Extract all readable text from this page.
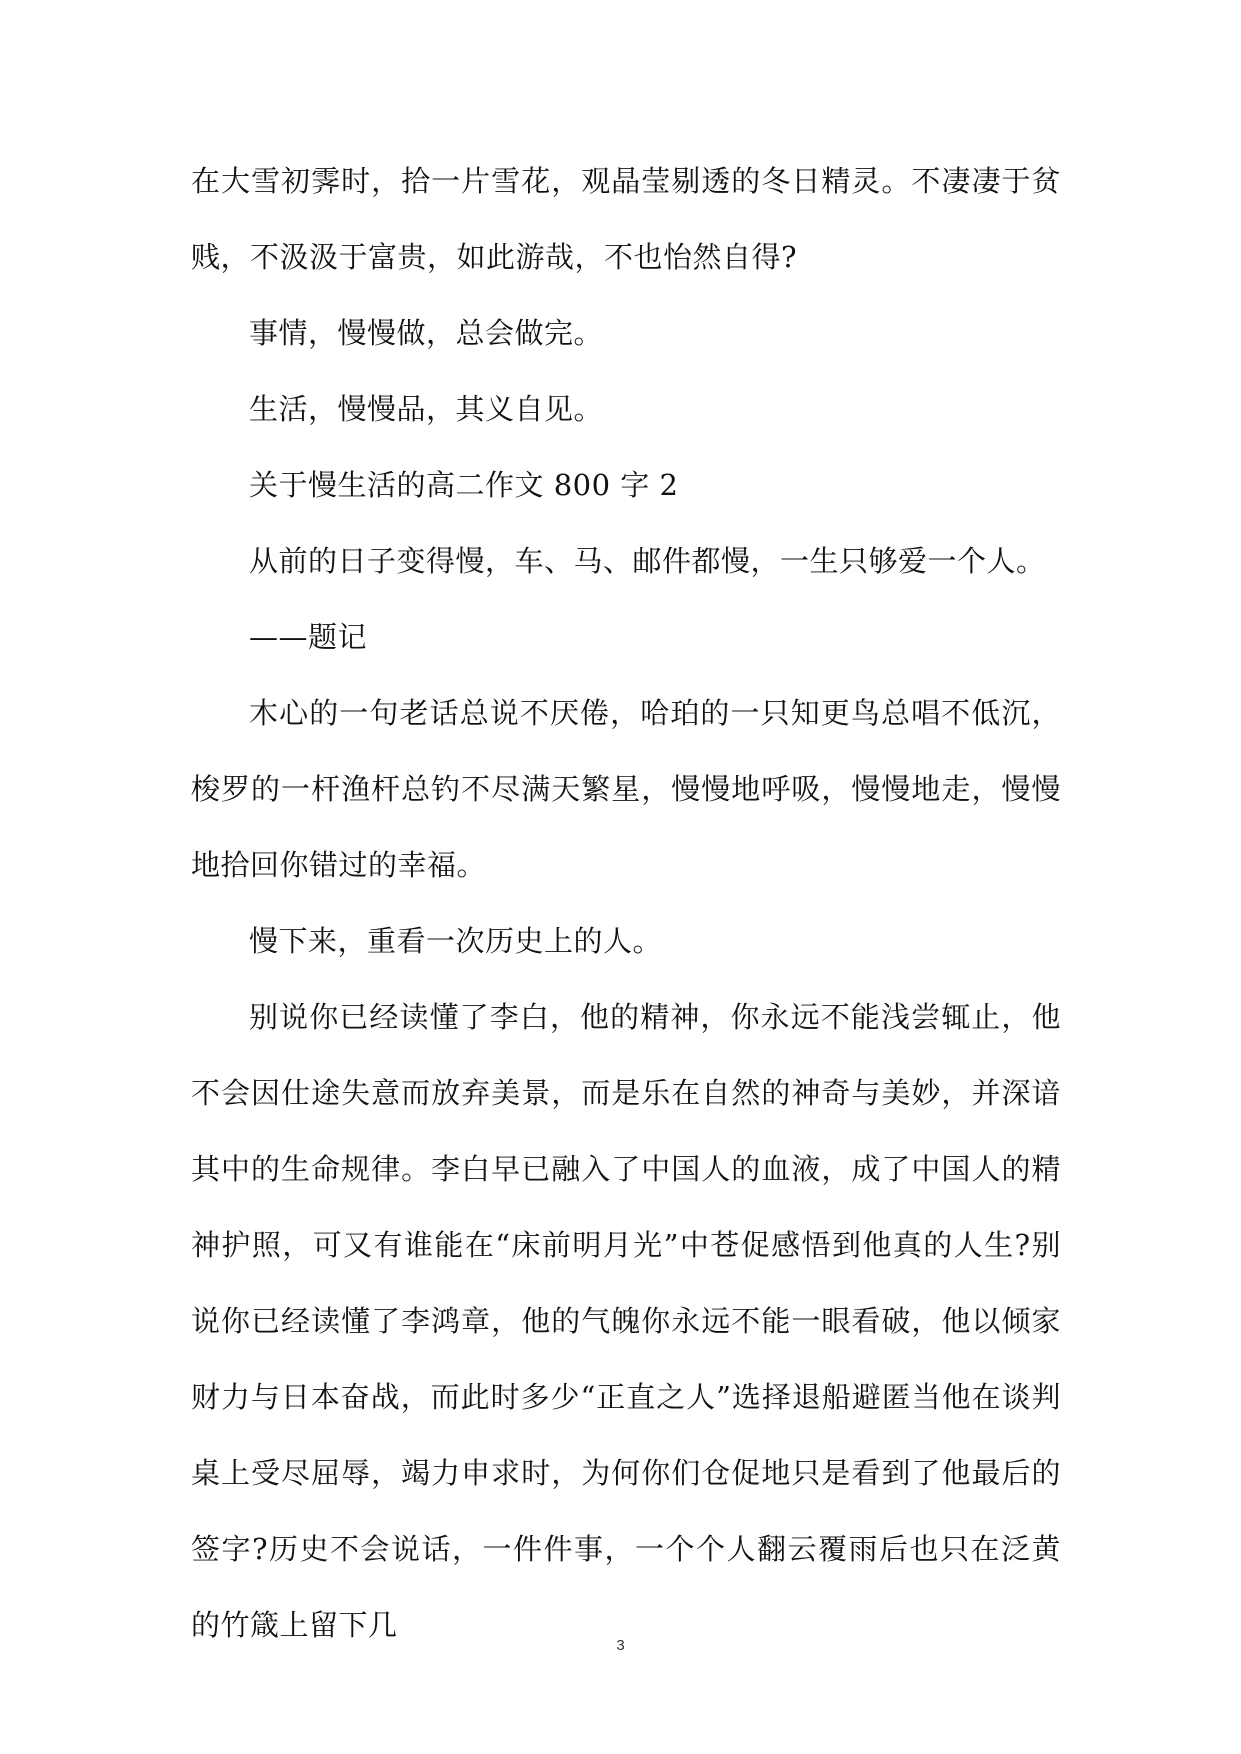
在大雪初霁时，拾一片雪花，观晶莹剔透的冬日精灵。不凄凄于贫贱，不汲汲于富贵，如此游哉，不也怡然自得?

事情，慢慢做，总会做完。

生活，慢慢品，其义自见。

关于慢生活的高二作文 800 字 2

从前的日子变得慢，车、马、邮件都慢，一生只够爱一个人。

——题记

木心的一句老话总说不厌倦，哈珀的一只知更鸟总唱不低沉，梭罗的一杆渔杆总钓不尽满天繁星，慢慢地呼吸，慢慢地走，慢慢地拾回你错过的幸福。

慢下来，重看一次历史上的人。

别说你已经读懂了李白，他的精神，你永远不能浅尝辄止，他不会因仕途失意而放弃美景，而是乐在自然的神奇与美妙，并深谙其中的生命规律。李白早已融入了中国人的血液，成了中国人的精神护照，可又有谁能在“床前明月光”中苍促感悟到他真的人生?别说你已经读懂了李鸿章，他的气魄你永远不能一眼看破，他以倾家财力与日本奋战，而此时多少“正直之人”选择退船避匿当他在谈判桌上受尽屈辱，竭力申求时，为何你们仓促地只是看到了他最后的签字?历史不会说话，一件件事，一个个人翻云覆雨后也只在泛黄的竹箴上留下几

3
